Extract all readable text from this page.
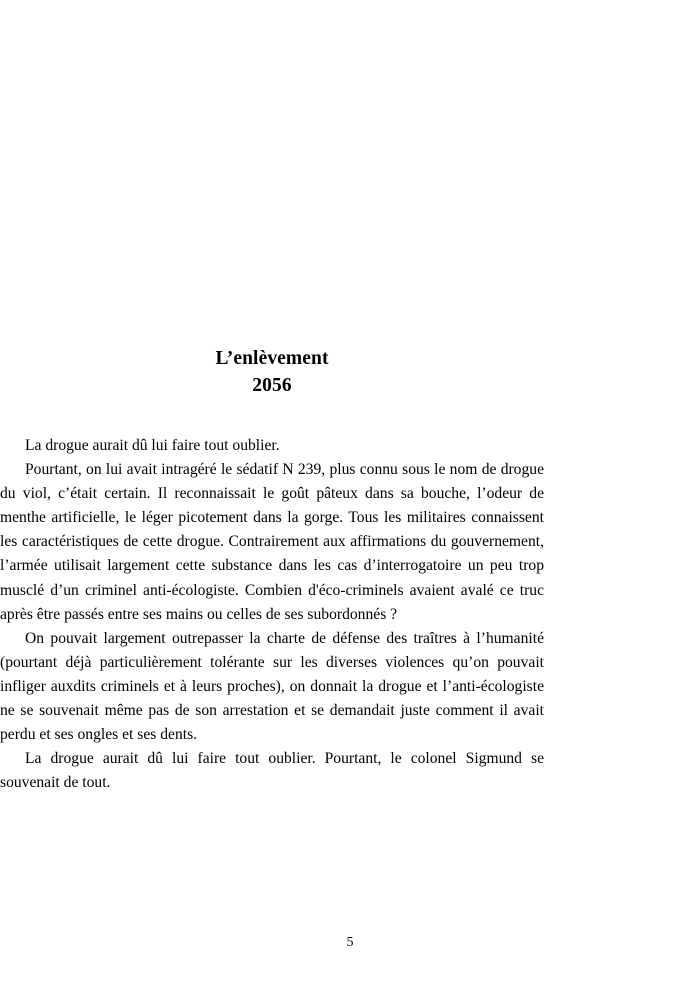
L’enlèvement
2056

La drogue aurait dû lui faire tout oublier.

Pourtant, on lui avait intragéré le sédatif N 239, plus connu sous le nom de drogue du viol, c’était certain. Il reconnaissait le goût pâteux dans sa bouche, l’odeur de menthe artificielle, le léger picotement dans la gorge. Tous les militaires connaissent les caractéristiques de cette drogue. Contrairement aux affirmations du gouvernement, l’armée utilisait largement cette substance dans les cas d’interrogatoire un peu trop musclé d’un criminel anti-écologiste. Combien d'éco-criminels avaient avalé ce truc après être passés entre ses mains ou celles de ses subordonnés ?

On pouvait largement outrepasser la charte de défense des traîtres à l’humanité (pourtant déjà particulièrement tolérante sur les diverses violences qu’on pouvait infliger auxdits criminels et à leurs proches), on donnait la drogue et l’anti-écologiste ne se souvenait même pas de son arrestation et se demandait juste comment il avait perdu et ses ongles et ses dents.

La drogue aurait dû lui faire tout oublier. Pourtant, le colonel Sigmund se souvenait de tout.

5
